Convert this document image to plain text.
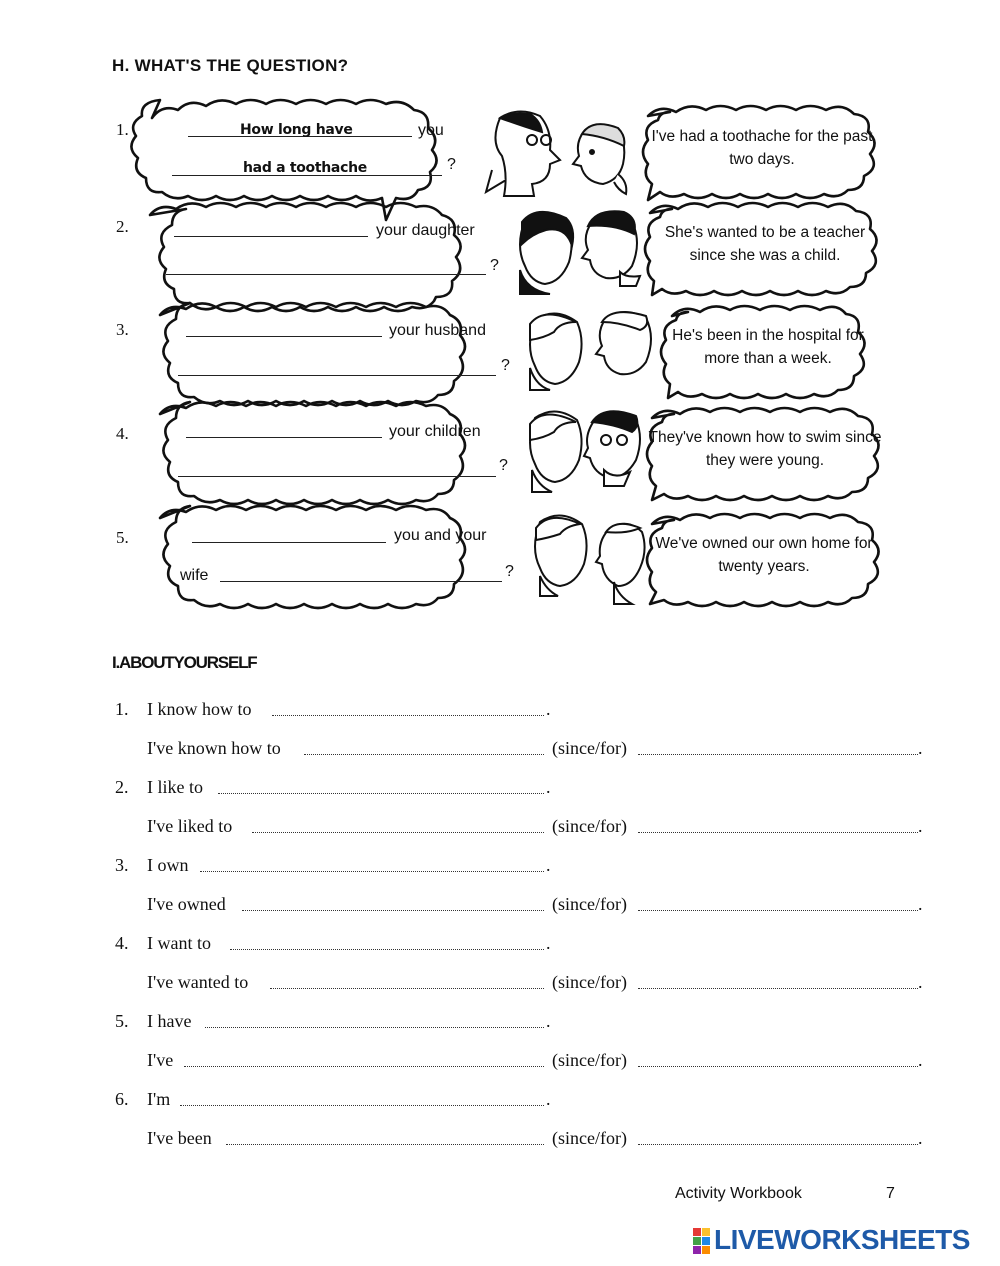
H. WHAT'S THE QUESTION?
1.
2.
3.
4.
5.
How long have	you
had a toothache	?
your daughter
?
your husband
?
your children
?
you and your
wife	?
I've had a toothache for the past two days.
She's wanted to be a teacher since she was a child.
He's been in the hospital for more than a week.
They've known how to swim since they were young.
We've owned our own home for twenty years.
I.ABOUTYOURSELF
1. I know how to	.
I've known how to	(since/for)	.
2. I like to	.
I've liked to	(since/for)	.
3. I own	.
I've owned	(since/for)	.
4. I want to	.
I've wanted to	(since/for)	.
5. I have	.
I've	(since/for)	.
6. I'm	.
I've been	(since/for)	.
Activity Workbook	7
LIVEWORKSHEETS
